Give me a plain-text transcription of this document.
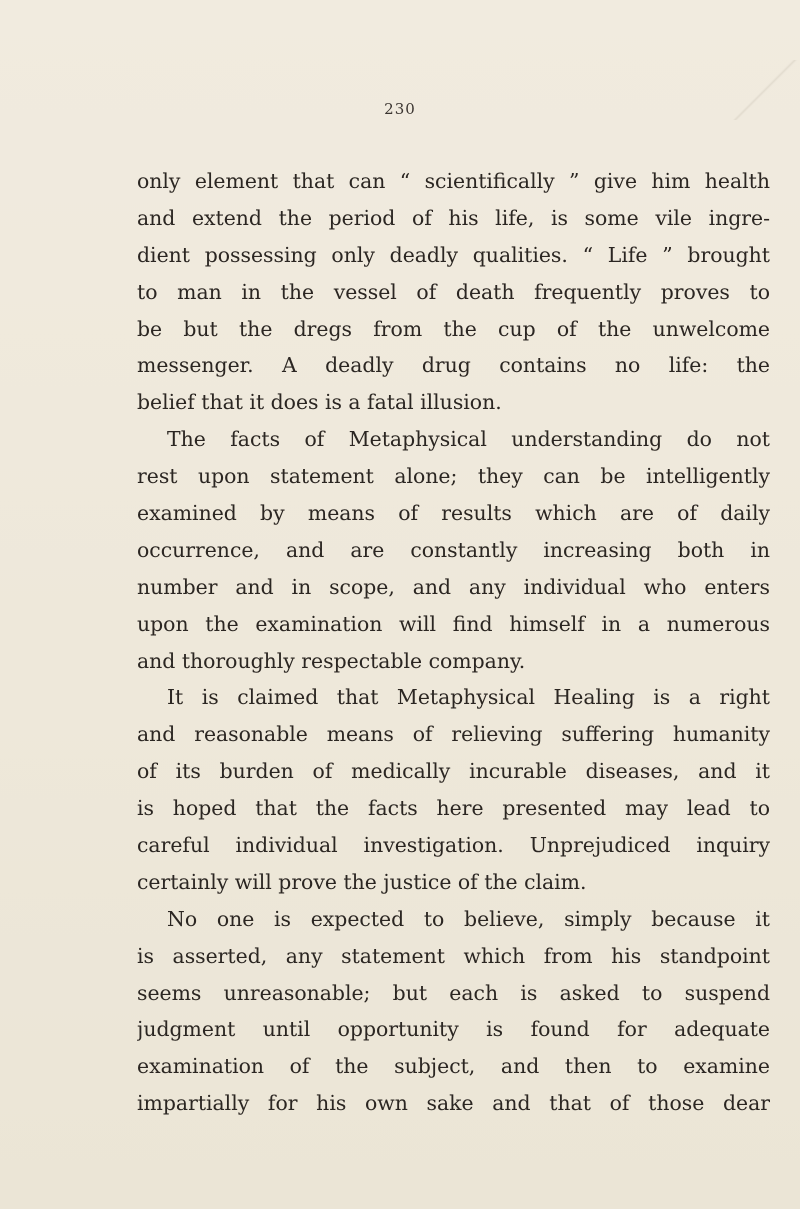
230
only element that can “ scientifically ” give him health
and extend the period of his life, is some vile ingre-
dient possessing only deadly qualities. “ Life ” brought
to man in the vessel of death frequently proves to
be but the dregs from the cup of the unwelcome
messenger. A deadly drug contains no life: the
belief that it does is a fatal illusion.
The facts of Metaphysical understanding do not
rest upon statement alone; they can be intelligently
examined by means of results which are of daily
occurrence, and are constantly increasing both in
number and in scope, and any individual who enters
upon the examination will find himself in a numerous
and thoroughly respectable company.
It is claimed that Metaphysical Healing is a right
and reasonable means of relieving suffering humanity
of its burden of medically incurable diseases, and it
is hoped that the facts here presented may lead to
careful individual investigation. Unprejudiced inquiry
certainly will prove the justice of the claim.
No one is expected to believe, simply because it
is asserted, any statement which from his standpoint
seems unreasonable; but each is asked to suspend
judgment until opportunity is found for adequate
examination of the subject, and then to examine
impartially for his own sake and that of those dear
